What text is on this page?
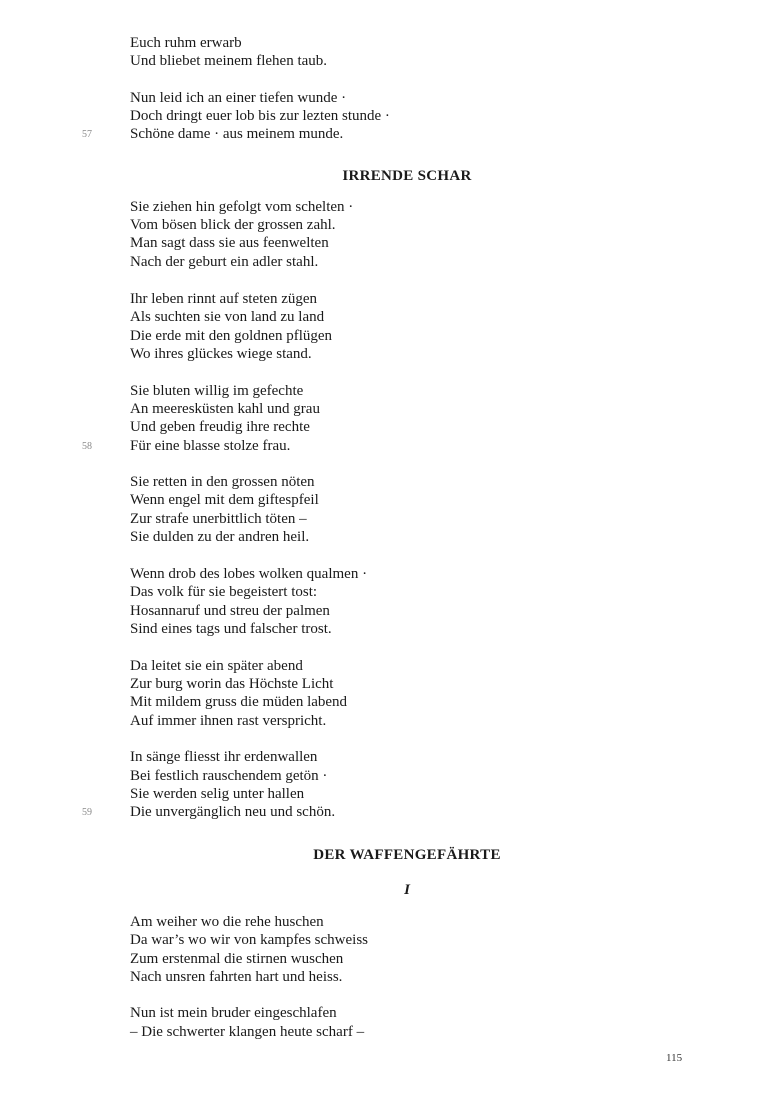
Euch ruhm erwarb
Und bliebet meinem flehen taub.
Nun leid ich an einer tiefen wunde ·
Doch dringt euer lob bis zur lezten stunde ·
Schöne dame · aus meinem munde.
57
IRRENDE SCHAR
Sie ziehen hin gefolgt vom schelten ·
Vom bösen blick der grossen zahl.
Man sagt dass sie aus feenwelten
Nach der geburt ein adler stahl.
Ihr leben rinnt auf steten zügen
Als suchten sie von land zu land
Die erde mit den goldnen pflügen
Wo ihres glückes wiege stand.
Sie bluten willig im gefechte
An meeresküsten kahl und grau
Und geben freudig ihre rechte
Für eine blasse stolze frau.
58
Sie retten in den grossen nöten
Wenn engel mit dem giftespfeil
Zur strafe unerbittlich töten –
Sie dulden zu der andren heil.
Wenn drob des lobes wolken qualmen ·
Das volk für sie begeistert tost:
Hosannaruf und streu der palmen
Sind eines tags und falscher trost.
Da leitet sie ein später abend
Zur burg worin das Höchste Licht
Mit mildem gruss die müden labend
Auf immer ihnen rast verspricht.
In sänge fliesst ihr erdenwallen
Bei festlich rauschendem getön ·
Sie werden selig unter hallen
Die unvergänglich neu und schön.
59
DER WAFFENGEFÄHRTE
I
Am weiher wo die rehe huschen
Da war’s wo wir von kampfes schweiss
Zum erstenmal die stirnen wuschen
Nach unsren fahrten hart und heiss.
Nun ist mein bruder eingeschlafen
– Die schwerter klangen heute scharf –
115
